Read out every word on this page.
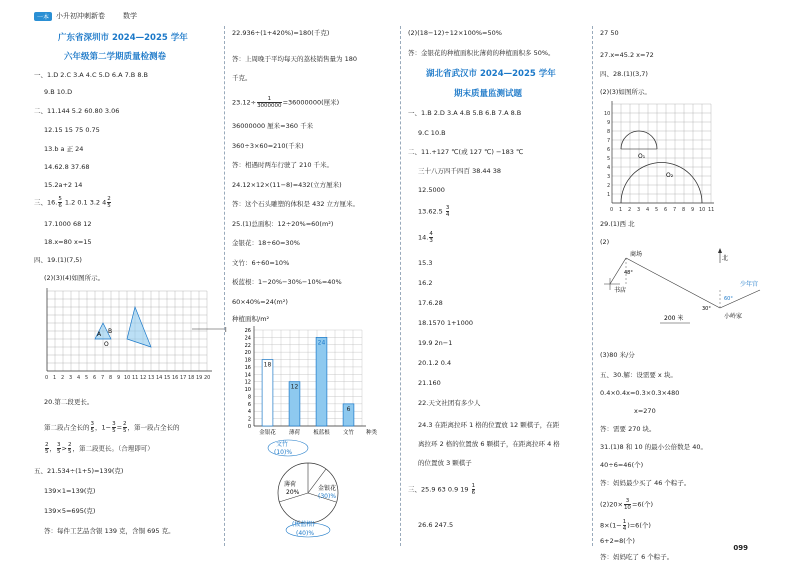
一本	小升初冲刺新卷	数学
广东省深圳市 2024—2025 学年
六年级第二学期质量检测卷
一、1.D 2.C 3.A 4.C 5.D 6.A 7.B 8.B
9.B 10.D
二、11.144 5.2 60.80 3.06
12.15 15 75 0.75
13.b a 正 24
14.62.8 37.68
15.2a+2 14
三、16. $\frac{5}{6} 1.2$ 0.1 3.2 $4 \frac{2}{5}$
17.1000 68 12
18.x=80 x=15
四、19.(1)(7,5)
(2)(3)(4)如图所示。
l
A B
O
0 1 2 3 4 5 6 7 8 9 10 11 12 13 14 15 16 17 18 19 20
20.第二段更长。
第二段占全长的 $\frac{3}{5}$ ，$1- \frac{3}{5} = \frac{2}{5}$ ，第一段占全长的
$\frac{2}{5}$ ， $\frac{3}{5} > \frac{2}{5}$ ，第二段更长。（合理即可）
五、21.534÷(1+5)=139(克)
139×1=139(克)
139×5=695(克)
答：每件工艺品含银 139 克，含铜 695 克。
22.936÷(1+420%)=180(千克)
答：上周晚于平均每天的荔枝销售量为 180
千克。
$23.12\div \frac{1}{3000000} =36000000$(厘米)
36000000 厘米=360 千米
360÷3×60=210(千米)
答：相遇时两车行驶了 210 千米。
24.12×12×(11−8)=432(立方厘米)
答：这个石头雕塑的体积是 432 立方厘米。
25.(1)总面积：12÷20%=60(m²)
金银花：18÷60=30%
文竹：6÷60=10%
板蓝根：1−20%−30%−10%=40%
60×40%=24(m²)
种植面积/m²
0
2
4
6
8
10
12
14
16
18
20
22
24
26
18
金银花
12
薄荷
24
板蓝根
6
文竹 种类
文竹
(10)%
金银花
(30)%
薄荷
20%
(板蓝根)
(40)%
(2)(18−12)÷12×100%=50%
答：金银花的种植面积比薄荷的种植面积多 50%。
湖北省武汉市 2024—2025 学年
期末质量监测试题
一、1.B 2.D 3.A 4.B 5.B 6.B 7.A 8.B
9.C 10.B
二、11.+127 ℃(或 127 ℃) −183 ℃
三十八万四千四百 38.44 38
12.5000
$13.62.5 \frac{3}{4}$
14. $\frac{4}{3}$
15.3
16.2
17.6.28
18.1570 1+1000
19.9 2n−1
20.1.2 0.4
21.160
22.天文社团有多少人
24.3 在距离拉环 1 格的位置放 12 颗棋子，在距
离拉环 2 格的位置放 6 颗棋子，在距离拉环 4 格
的位置放 3 颗棋子
三、25.9 63 0.9 $19 \frac{1}{6}$
26.6 247.5
27 50
27.x=45.2 x=72
四、28.(1)(3,7)
(2)(3)如图所示。
O₁
O₂
0 1 2 3 4 5 6 7 8 9 10 11
1
2
3
4
5
6
7
8
9
10
29.(1)西 北
(2)
商场
北
书店
小岭家
少年宫
48°
60°
30°
200 米
(3)80 米/分
五、30.解：设需要 x 块。
0.4×0.4x=0.3×0.3×480
x=270
答：需要 270 块。
31.(1)8 和 10 的最小公倍数是 40。
40÷6=46(个)
答：妈妈最少买了 46 个粽子。
$(2)20\times \frac{3}{10} =6$(个)
$8\times(1- \frac{1}{4} )=6$(个)
6+2=8(个)
答：妈妈吃了 6 个粽子。
099
